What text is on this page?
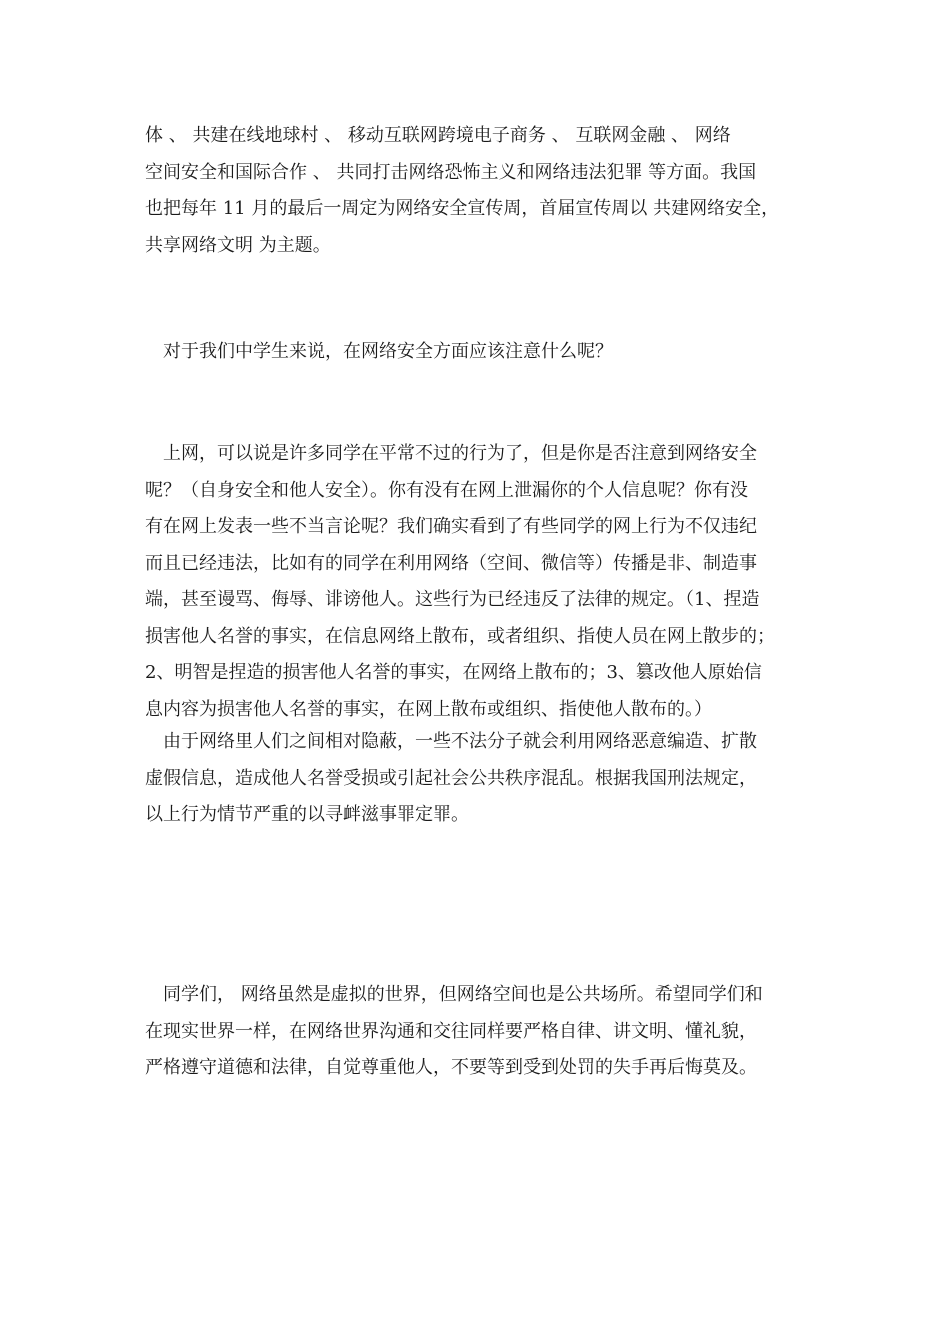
体 、 共建在线地球村 、 移动互联网跨境电子商务 、 互联网金融 、 网络
空间安全和国际合作 、 共同打击网络恐怖主义和网络违法犯罪 等方面。我国
也把每年 11 月的最后一周定为网络安全宣传周，首届宣传周以 共建网络安全，
共享网络文明 为主题。

　对于我们中学生来说，在网络安全方面应该注意什么呢？

　上网，可以说是许多同学在平常不过的行为了，但是你是否注意到网络安全
呢？（自身安全和他人安全）。你有没有在网上泄漏你的个人信息呢？你有没
有在网上发表一些不当言论呢？我们确实看到了有些同学的网上行为不仅违纪
而且已经违法，比如有的同学在利用网络（空间、微信等）传播是非、制造事
端，甚至谩骂、侮辱、诽谤他人。这些行为已经违反了法律的规定。（1、捏造
损害他人名誉的事实，在信息网络上散布，或者组织、指使人员在网上散步的；
2、明智是捏造的损害他人名誉的事实，在网络上散布的；3、篡改他人原始信
息内容为损害他人名誉的事实，在网上散布或组织、指使他人散布的。）

　由于网络里人们之间相对隐蔽，一些不法分子就会利用网络恶意编造、扩散
虚假信息，造成他人名誉受损或引起社会公共秩序混乱。根据我国刑法规定，
以上行为情节严重的以寻衅滋事罪定罪。

　同学们， 网络虽然是虚拟的世界，但网络空间也是公共场所。希望同学们和
在现实世界一样，在网络世界沟通和交往同样要严格自律、讲文明、懂礼貌，
严格遵守道德和法律，自觉尊重他人，不要等到受到处罚的失手再后悔莫及。
